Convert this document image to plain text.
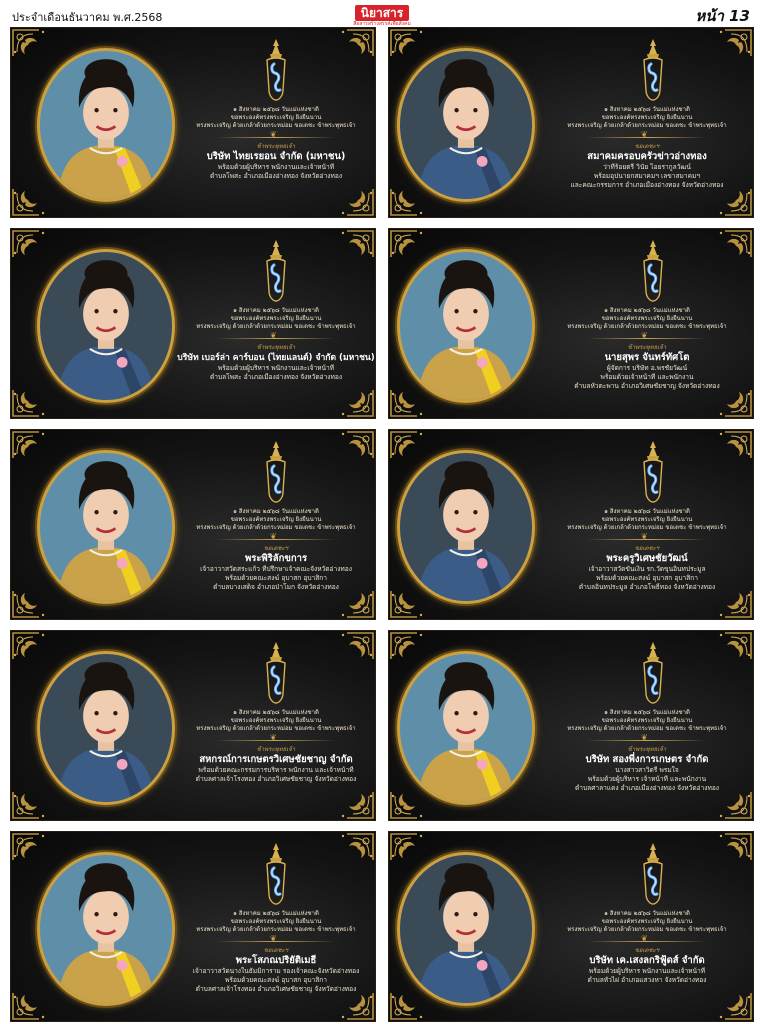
ประจำเดือนธันวาคม พ.ศ.2568	นิยาสาร
สื่อสารสร้างสรรค์เพื่อสังคม	หน้า 13
๑ สิงหาคม ๒๕๖๘ วันแม่แห่งชาติ
ขอพระองค์ทรงพระเจริญ ยิ่งยืนนาน
ทรงพระเจริญ ด้วยเกล้าด้วยกระหม่อม ขอเดชะ ข้าพระพุทธเจ้า
❦
ข้าพระพุทธเจ้า
บริษัท ไทยเรยอน จำกัด (มหาชน)
พร้อมด้วยผู้บริหาร พนักงานและเจ้าหน้าที่
ตำบลโพสะ อำเภอเมืองอ่างทอง จังหวัดอ่างทอง
๑ สิงหาคม ๒๕๖๘ วันแม่แห่งชาติ
ขอพระองค์ทรงพระเจริญ ยิ่งยืนนาน
ทรงพระเจริญ ด้วยเกล้าด้วยกระหม่อม ขอเดชะ ข้าพระพุทธเจ้า
❦
ขอเดชะฯ
สมาคมครอบครัวข่าวอ่างทอง
ว่าที่ร้อยตรี วินัย ไอยรากูลวัฒน์
พร้อมอุปนายกสมาคมฯ เลขาสมาคมฯ
และคณะกรรมการ อำเภอเมืองอ่างทอง จังหวัดอ่างทอง
๑ สิงหาคม ๒๕๖๘ วันแม่แห่งชาติ
ขอพระองค์ทรงพระเจริญ ยิ่งยืนนาน
ทรงพระเจริญ ด้วยเกล้าด้วยกระหม่อม ขอเดชะ ข้าพระพุทธเจ้า
❦
ข้าพระพุทธเจ้า
บริษัท เบอร์ล่า คาร์บอน (ไทยแลนด์) จำกัด (มหาชน)
พร้อมด้วยผู้บริหาร พนักงานและเจ้าหน้าที่
ตำบลโพสะ อำเภอเมืองอ่างทอง จังหวัดอ่างทอง
๑ สิงหาคม ๒๕๖๘ วันแม่แห่งชาติ
ขอพระองค์ทรงพระเจริญ ยิ่งยืนนาน
ทรงพระเจริญ ด้วยเกล้าด้วยกระหม่อม ขอเดชะ ข้าพระพุทธเจ้า
❦
ข้าพระพุทธเจ้า
นายสุพร จันทร์ทัศโต
ผู้จัดการ บริษัท อ.พรชัยวัฒน์
พร้อมด้วยเจ้าหน้าที่ และพนักงาน
ตำบลหัวตะพาน อำเภอวิเศษชัยชาญ จังหวัดอ่างทอง
๑ สิงหาคม ๒๕๖๘ วันแม่แห่งชาติ
ขอพระองค์ทรงพระเจริญ ยิ่งยืนนาน
ทรงพระเจริญ ด้วยเกล้าด้วยกระหม่อม ขอเดชะ ข้าพระพุทธเจ้า
❦
ขอเดชะฯ
พระพิริลักขการ
เจ้าอาวาสวัดสระแก้ว ที่ปรึกษาเจ้าคณะจังหวัดอ่างทอง
พร้อมด้วยคณะสงฆ์ อุบาสก อุบาสิกา
ตำบลบางเสด็จ อำเภอป่าโมก จังหวัดอ่างทอง
๑ สิงหาคม ๒๕๖๘ วันแม่แห่งชาติ
ขอพระองค์ทรงพระเจริญ ยิ่งยืนนาน
ทรงพระเจริญ ด้วยเกล้าด้วยกระหม่อม ขอเดชะ ข้าพระพุทธเจ้า
❦
ขอเดชะฯ
พระครูวิเศษชัยวัฒน์
เจ้าอาวาสวัดขันเงิน รก.วัดขุนอินทประมูล
พร้อมด้วยคณะสงฆ์ อุบาสก อุบาสิกา
ตำบลอินทประมูล อำเภอโพธิ์ทอง จังหวัดอ่างทอง
๑ สิงหาคม ๒๕๖๘ วันแม่แห่งชาติ
ขอพระองค์ทรงพระเจริญ ยิ่งยืนนาน
ทรงพระเจริญ ด้วยเกล้าด้วยกระหม่อม ขอเดชะ ข้าพระพุทธเจ้า
❦
ข้าพระพุทธเจ้า
สหกรณ์การเกษตรวิเศษชัยชาญ จำกัด
พร้อมด้วยคณะกรรมการบริหาร พนักงาน และเจ้าหน้าที่
ตำบลศาลเจ้าโรงทอง อำเภอวิเศษชัยชาญ จังหวัดอ่างทอง
๑ สิงหาคม ๒๕๖๘ วันแม่แห่งชาติ
ขอพระองค์ทรงพระเจริญ ยิ่งยืนนาน
ทรงพระเจริญ ด้วยเกล้าด้วยกระหม่อม ขอเดชะ ข้าพระพุทธเจ้า
❦
ข้าพระพุทธเจ้า
บริษัท สองพี่งการเกษตร จำกัด
นางสาวสาวิตรี พรมใจ
พร้อมด้วยผู้บริหาร เจ้าหน้าที่ และพนักงาน
ตำบลศาลาแดง อำเภอเมืองอ่างทอง จังหวัดอ่างทอง
๑ สิงหาคม ๒๕๖๘ วันแม่แห่งชาติ
ขอพระองค์ทรงพระเจริญ ยิ่งยืนนาน
ทรงพระเจริญ ด้วยเกล้าด้วยกระหม่อม ขอเดชะ ข้าพระพุทธเจ้า
❦
ขอเดชะฯ
พระโสภณปริยัติเมธี
เจ้าอาวาสวัดนางในธัมมิการาม รองเจ้าคณะจังหวัดอ่างทอง
พร้อมด้วยคณะสงฆ์ อุบาสก อุบาสิกา
ตำบลศาลเจ้าโรงทอง อำเภอวิเศษชัยชาญ จังหวัดอ่างทอง
๑ สิงหาคม ๒๕๖๘ วันแม่แห่งชาติ
ขอพระองค์ทรงพระเจริญ ยิ่งยืนนาน
ทรงพระเจริญ ด้วยเกล้าด้วยกระหม่อม ขอเดชะ ข้าพระพุทธเจ้า
❦
ขอเดชะฯ
บริษัท เค.เสงลกริฟู้ดส์ จำกัด
พร้อมด้วยผู้บริหาร พนักงานและเจ้าหน้าที่
ตำบลหัวไผ่ อำเภอแสวงหา จังหวัดอ่างทอง
